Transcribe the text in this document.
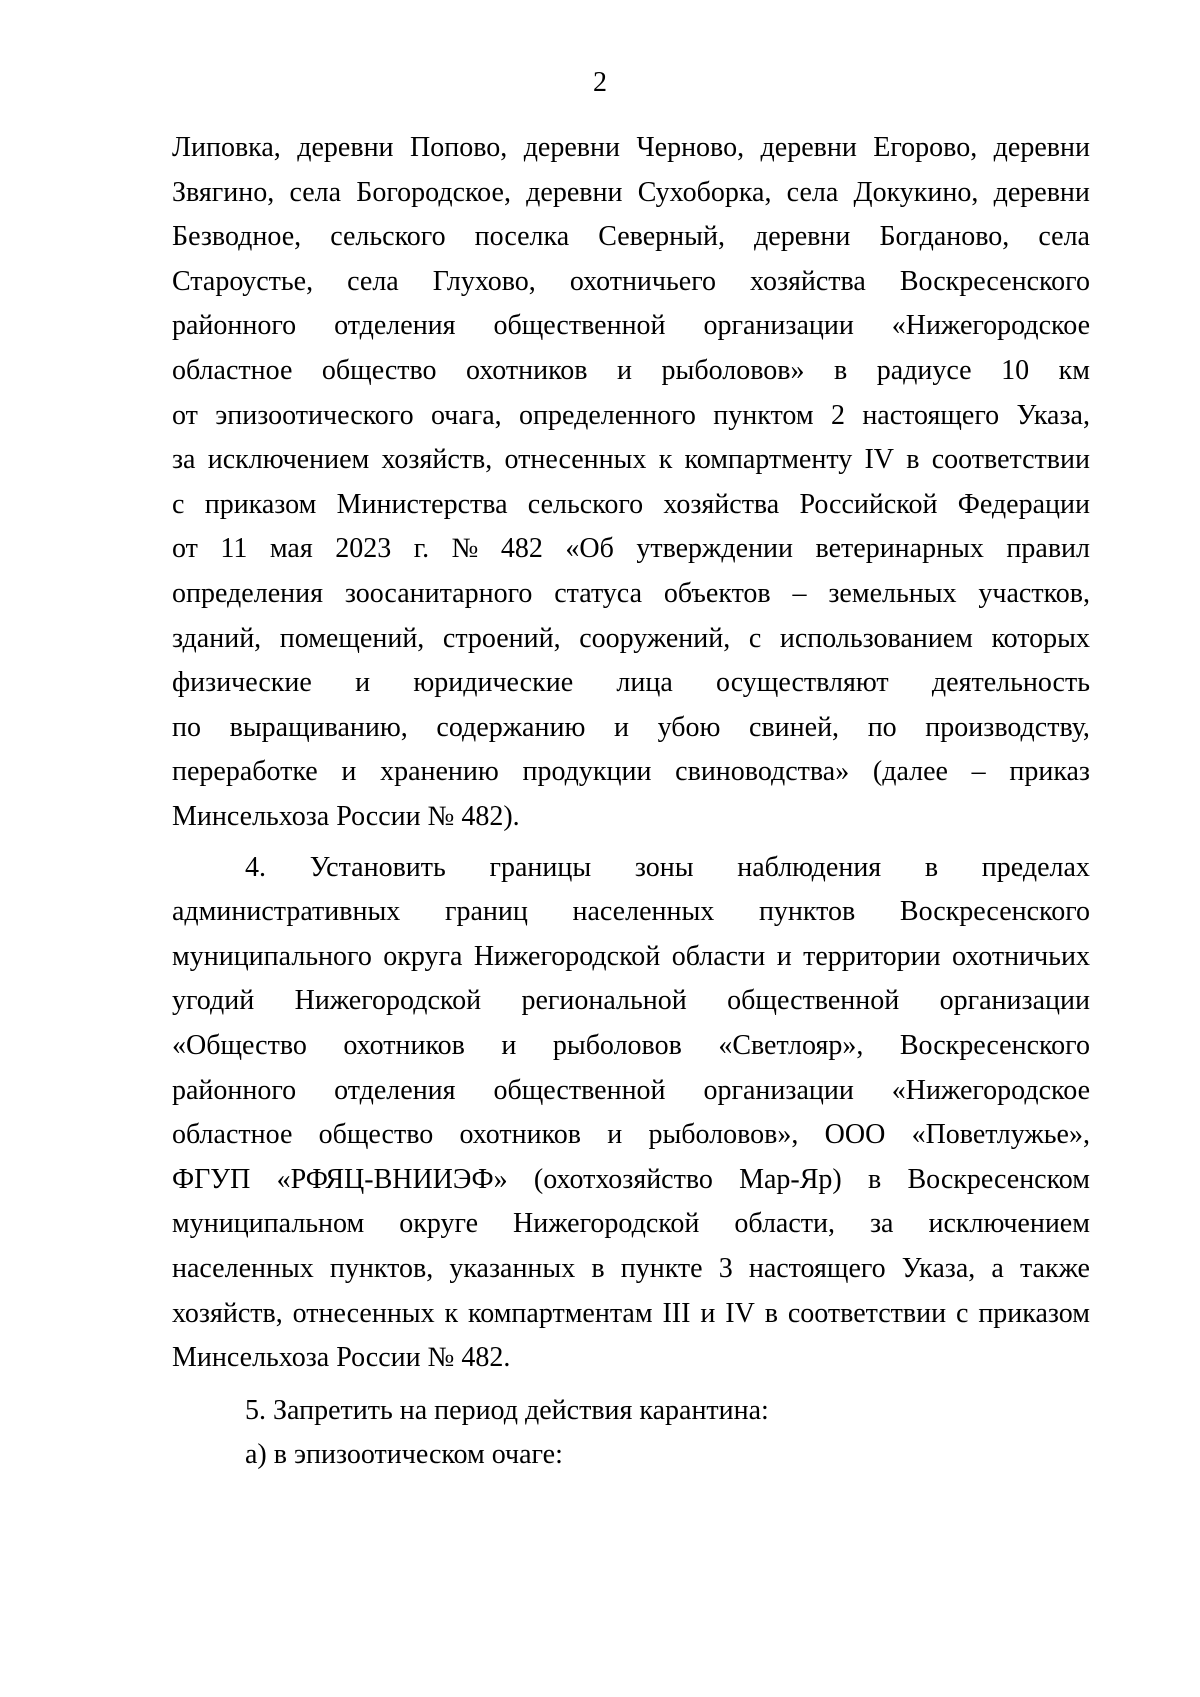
2
Липовка, деревни Попово, деревни Черново, деревни Егорово, деревни
Звягино, села Богородское, деревни Сухоборка, села Докукино, деревни
Безводное, сельского поселка Северный, деревни Богданово, села
Староустье, села Глухово, охотничьего хозяйства Воскресенского
районного отделения общественной организации «Нижегородское
областное общество охотников и рыболовов» в радиусе 10 км
от эпизоотического очага, определенного пунктом 2 настоящего Указа,
за исключением хозяйств, отнесенных к компартменту IV в соответствии
с приказом Министерства сельского хозяйства Российской Федерации
от 11 мая 2023 г. № 482 «Об утверждении ветеринарных правил
определения зоосанитарного статуса объектов – земельных участков,
зданий, помещений, строений, сооружений, с использованием которых
физические и юридические лица осуществляют деятельность
по выращиванию, содержанию и убою свиней, по производству,
переработке и хранению продукции свиноводства» (далее – приказ
Минсельхоза России № 482).
4. Установить границы зоны наблюдения в пределах
административных границ населенных пунктов Воскресенского
муниципального округа Нижегородской области и территории охотничьих
угодий Нижегородской региональной общественной организации
«Общество охотников и рыболовов «Светлояр», Воскресенского
районного отделения общественной организации «Нижегородское
областное общество охотников и рыболовов», ООО «Поветлужье»,
ФГУП «РФЯЦ-ВНИИЭФ» (охотхозяйство Мар-Яр) в Воскресенском
муниципальном округе Нижегородской области, за исключением
населенных пунктов, указанных в пункте 3 настоящего Указа, а также
хозяйств, отнесенных к компартментам III и IV в соответствии с приказом
Минсельхоза России № 482.
5. Запретить на период действия карантина:
а) в эпизоотическом очаге:
